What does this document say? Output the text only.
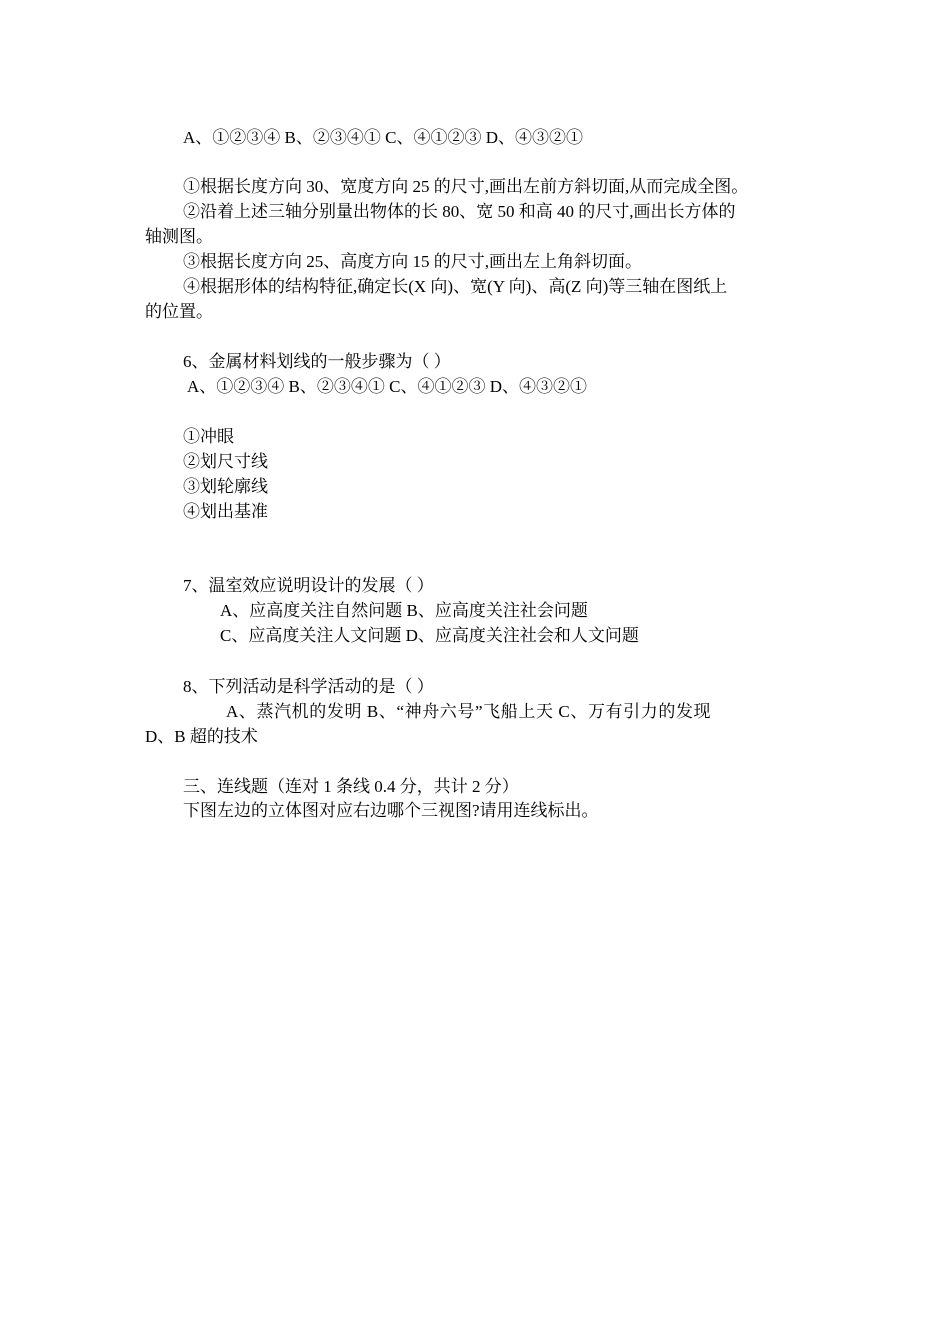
A、①②③④ B、②③④① C、④①②③ D、④③②①
①根据长度方向 30、宽度方向 25 的尺寸,画出左前方斜切面,从而完成全图。
②沿着上述三轴分别量出物体的长 80、宽 50 和高 40 的尺寸,画出长方体的
轴测图。
③根据长度方向 25、高度方向 15 的尺寸,画出左上角斜切面。
④根据形体的结构特征,确定长(X 向)、宽(Y 向)、高(Z 向)等三轴在图纸上
的位置。
6、金属材料划线的一般步骤为（ ）
A、①②③④ B、②③④① C、④①②③ D、④③②①
①冲眼
②划尺寸线
③划轮廓线
④划出基准
7、温室效应说明设计的发展（ ）
A、应高度关注自然问题 B、应高度关注社会问题
C、应高度关注人文问题 D、应高度关注社会和人文问题
8、下列活动是科学活动的是（ ）
A、蒸汽机的发明 B、“神舟六号”飞船上天 C、万有引力的发现
D、B 超的技术
三、连线题（连对 1 条线 0.4 分，共计 2 分）
下图左边的立体图对应右边哪个三视图?请用连线标出。
